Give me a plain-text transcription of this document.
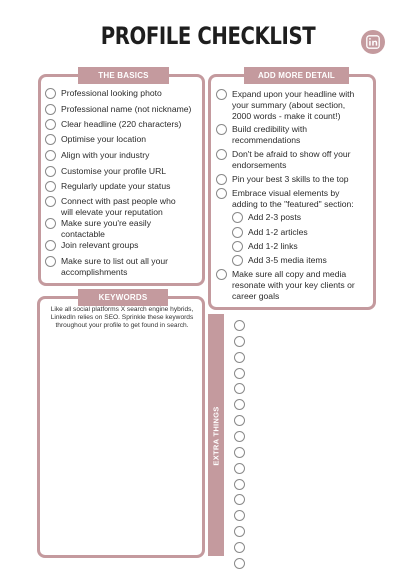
PROFILE CHECKLIST
THE BASICS
Professional looking photo
Professional name (not nickname)
Clear headline (220 characters)
Optimise your location
Align with your industry
Customise your profile URL
Regularly update your status
Connect with past people who
will elevate your reputation
Make sure you're easily
contactable
Join relevant groups
Make sure to list out all your
accomplishments
ADD MORE DETAIL
Expand upon your headline with
your summary (about section,
2000 words - make it count!)
Build credibility with
recommendations
Don't be afraid to show off your
endorsements
Pin your best 3 skills to the top
Embrace visual elements by
adding to the "featured" section:
Add 2-3 posts
Add 1-2 articles
Add 1-2 links
Add 3-5 media items
Make sure all copy and media
resonate with your key clients or
career goals
KEYWORDS
Like all social platforms X search engine hybrids, LinkedIn relies on SEO. Sprinkle these keywords throughout your profile to get found in search.
EXTRA THINGS
